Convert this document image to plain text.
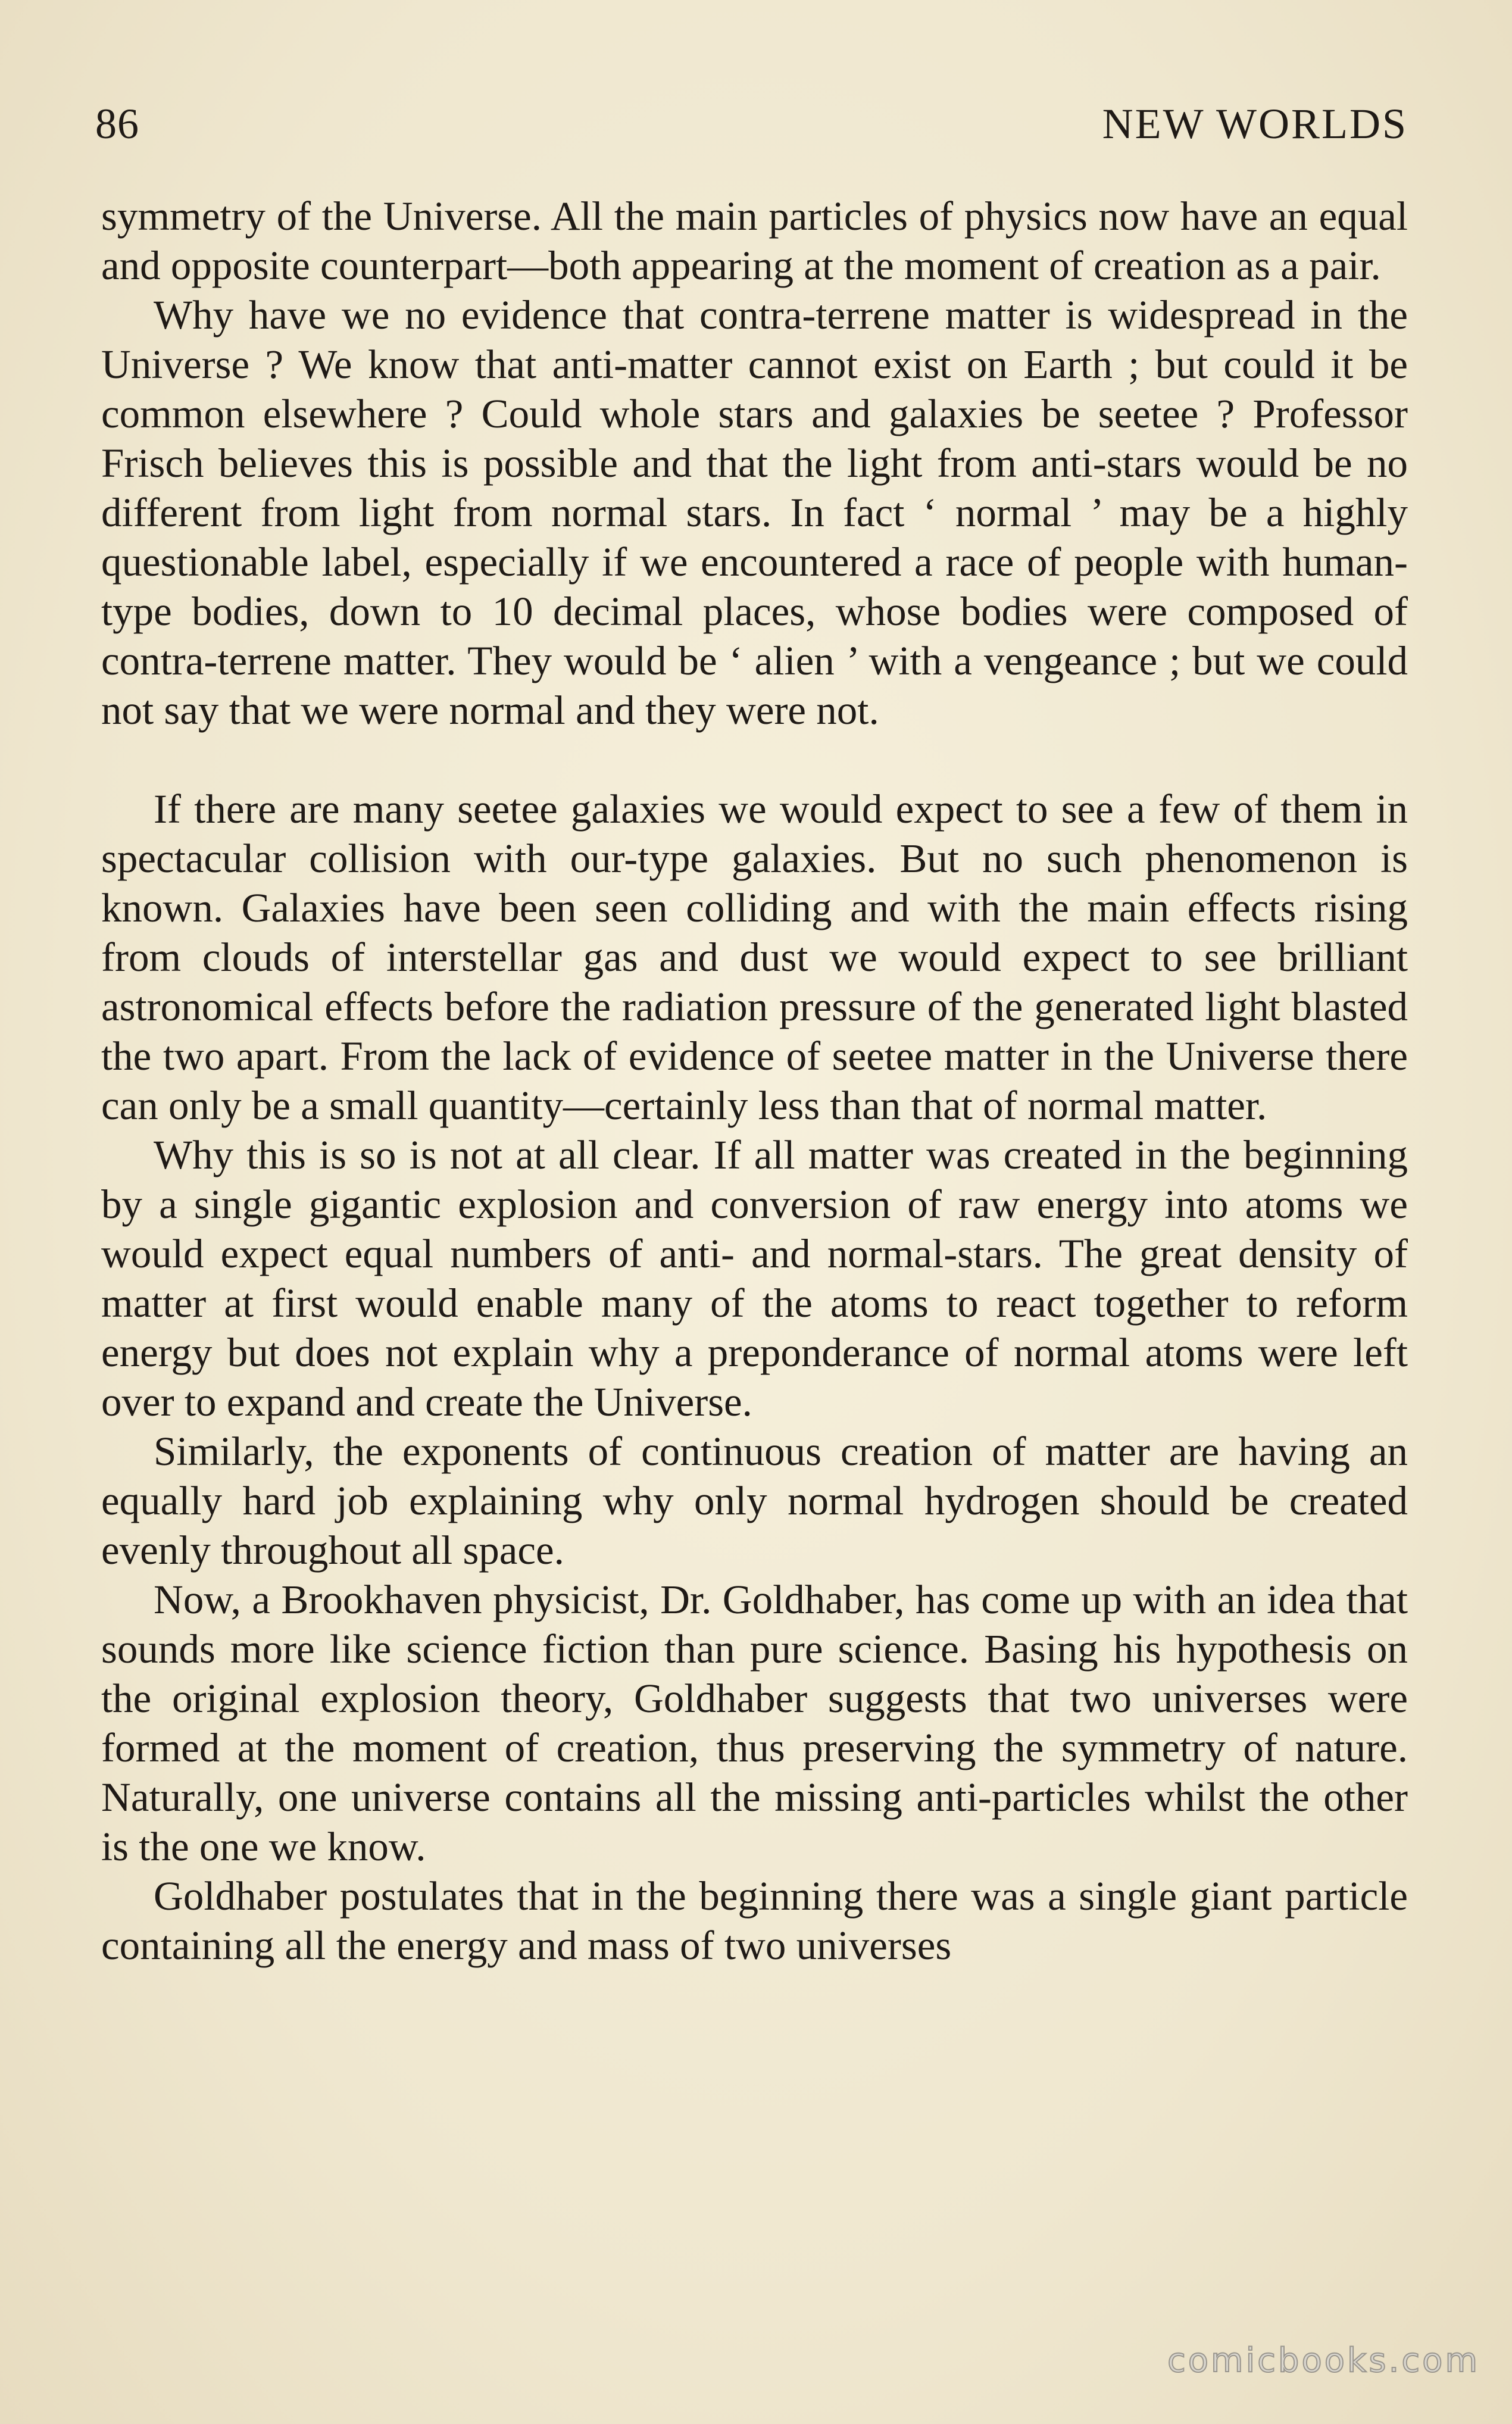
86	NEW WORLDS

symmetry of the Universe. All the main particles of physics now have an equal and opposite counterpart—both appearing at the moment of creation as a pair.

Why have we no evidence that contra-terrene matter is widespread in the Universe ? We know that anti-matter cannot exist on Earth ; but could it be common elsewhere ? Could whole stars and galaxies be seetee ? Professor Frisch believes this is possible and that the light from anti-stars would be no different from light from normal stars. In fact ‘ normal ’ may be a highly questionable label, especially if we encountered a race of people with human-type bodies, down to 10 decimal places, whose bodies were composed of contra-terrene matter. They would be ‘ alien ’ with a vengeance ; but we could not say that we were normal and they were not.

If there are many seetee galaxies we would expect to see a few of them in spectacular collision with our-type galaxies. But no such phenomenon is known. Galaxies have been seen colliding and with the main effects rising from clouds of interstellar gas and dust we would expect to see brilliant astronomical effects before the radiation pressure of the generated light blasted the two apart. From the lack of evidence of seetee matter in the Universe there can only be a small quantity—certainly less than that of normal matter.

Why this is so is not at all clear. If all matter was created in the beginning by a single gigantic explosion and conversion of raw energy into atoms we would expect equal numbers of anti- and normal-stars. The great density of matter at first would enable many of the atoms to react together to reform energy but does not explain why a preponderance of normal atoms were left over to expand and create the Universe.

Similarly, the exponents of continuous creation of matter are having an equally hard job explaining why only normal hydrogen should be created evenly throughout all space.

Now, a Brookhaven physicist, Dr. Goldhaber, has come up with an idea that sounds more like science fiction than pure science. Basing his hypothesis on the original explosion theory, Goldhaber suggests that two universes were formed at the moment of creation, thus preserving the symmetry of nature. Naturally, one universe contains all the missing anti-particles whilst the other is the one we know.

Goldhaber postulates that in the beginning there was a single giant particle containing all the energy and mass of two universes

comicbooks.com
